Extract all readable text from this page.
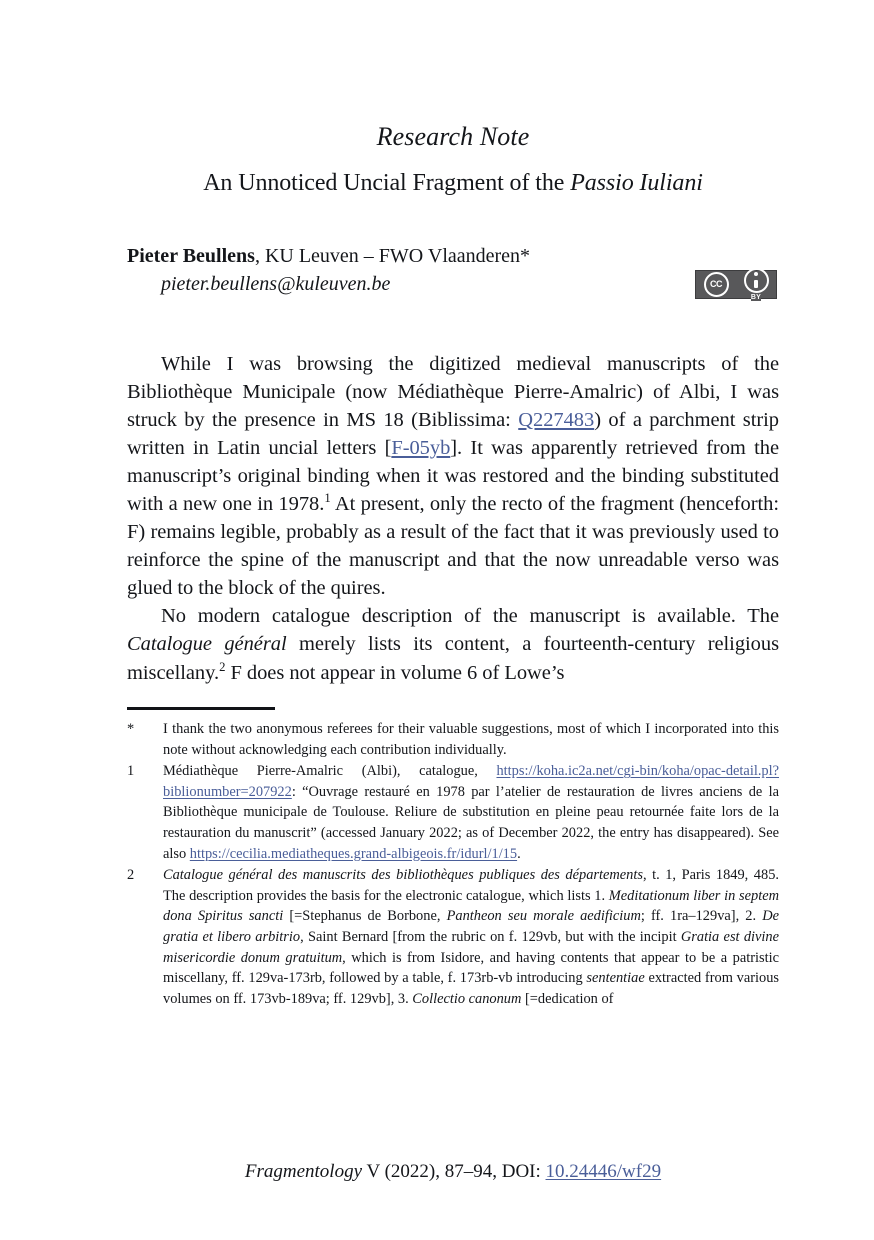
Research Note
An Unnoticed Uncial Fragment of the Passio Iuliani
Pieter Beullens, KU Leuven – FWO Vlaanderen*
pieter.beullens@kuleuven.be	CC
BY

While I was browsing the digitized medieval manuscripts of the Bibliothèque Municipale (now Médiathèque Pierre-Amalric) of Albi, I was struck by the presence in MS 18 (Biblissima: Q227483) of a parchment strip written in Latin uncial letters [F-05yb]. It was apparently retrieved from the manuscript’s original binding when it was restored and the binding substituted with a new one in 1978.$^1$ At present, only the recto of the fragment (henceforth: F) remains legible, probably as a result of the fact that it was previously used to reinforce the spine of the manuscript and that the now unreadable verso was glued to the block of the quires.

No modern catalogue description of the manuscript is available. The Catalogue général merely lists its content, a fourteenth-century religious miscellany.$^2$ F does not appear in volume 6 of Lowe’s

*	I thank the two anonymous referees for their valuable suggestions, most of which I incorporated into this note without acknowledging each contribution individually.
1	Médiathèque Pierre-Amalric (Albi), catalogue, https://koha.ic2a.net/cgi-bin/koha/opac-detail.pl?biblionumber=207922: “Ouvrage restauré en 1978 par l’atelier de restauration de livres anciens de la Bibliothèque municipale de Toulouse. Reliure de substitution en pleine peau retournée faite lors de la restauration du manuscrit” (accessed January 2022; as of December 2022, the entry has disappeared). See also https://cecilia.mediatheques.grand-albigeois.fr/idurl/1/15.
2	Catalogue général des manuscrits des bibliothèques publiques des départements, t. 1, Paris 1849, 485. The description provides the basis for the electronic catalogue, which lists 1. Meditationum liber in septem dona Spiritus sancti [=Stephanus de Borbone, Pantheon seu morale aedificium; ff. 1ra–129va], 2. De gratia et libero arbitrio, Saint Bernard [from the rubric on f. 129vb, but with the incipit Gratia est divine misericordie donum gratuitum, which is from Isidore, and having contents that appear to be a patristic miscellany, ff. 129va-173rb, followed by a table, f. 173rb-vb introducing sententiae extracted from various volumes on ff. 173vb-189va; ff. 129vb], 3. Collectio canonum [=dedication of
Fragmentology V (2022), 87–94, DOI: 10.24446/wf29
